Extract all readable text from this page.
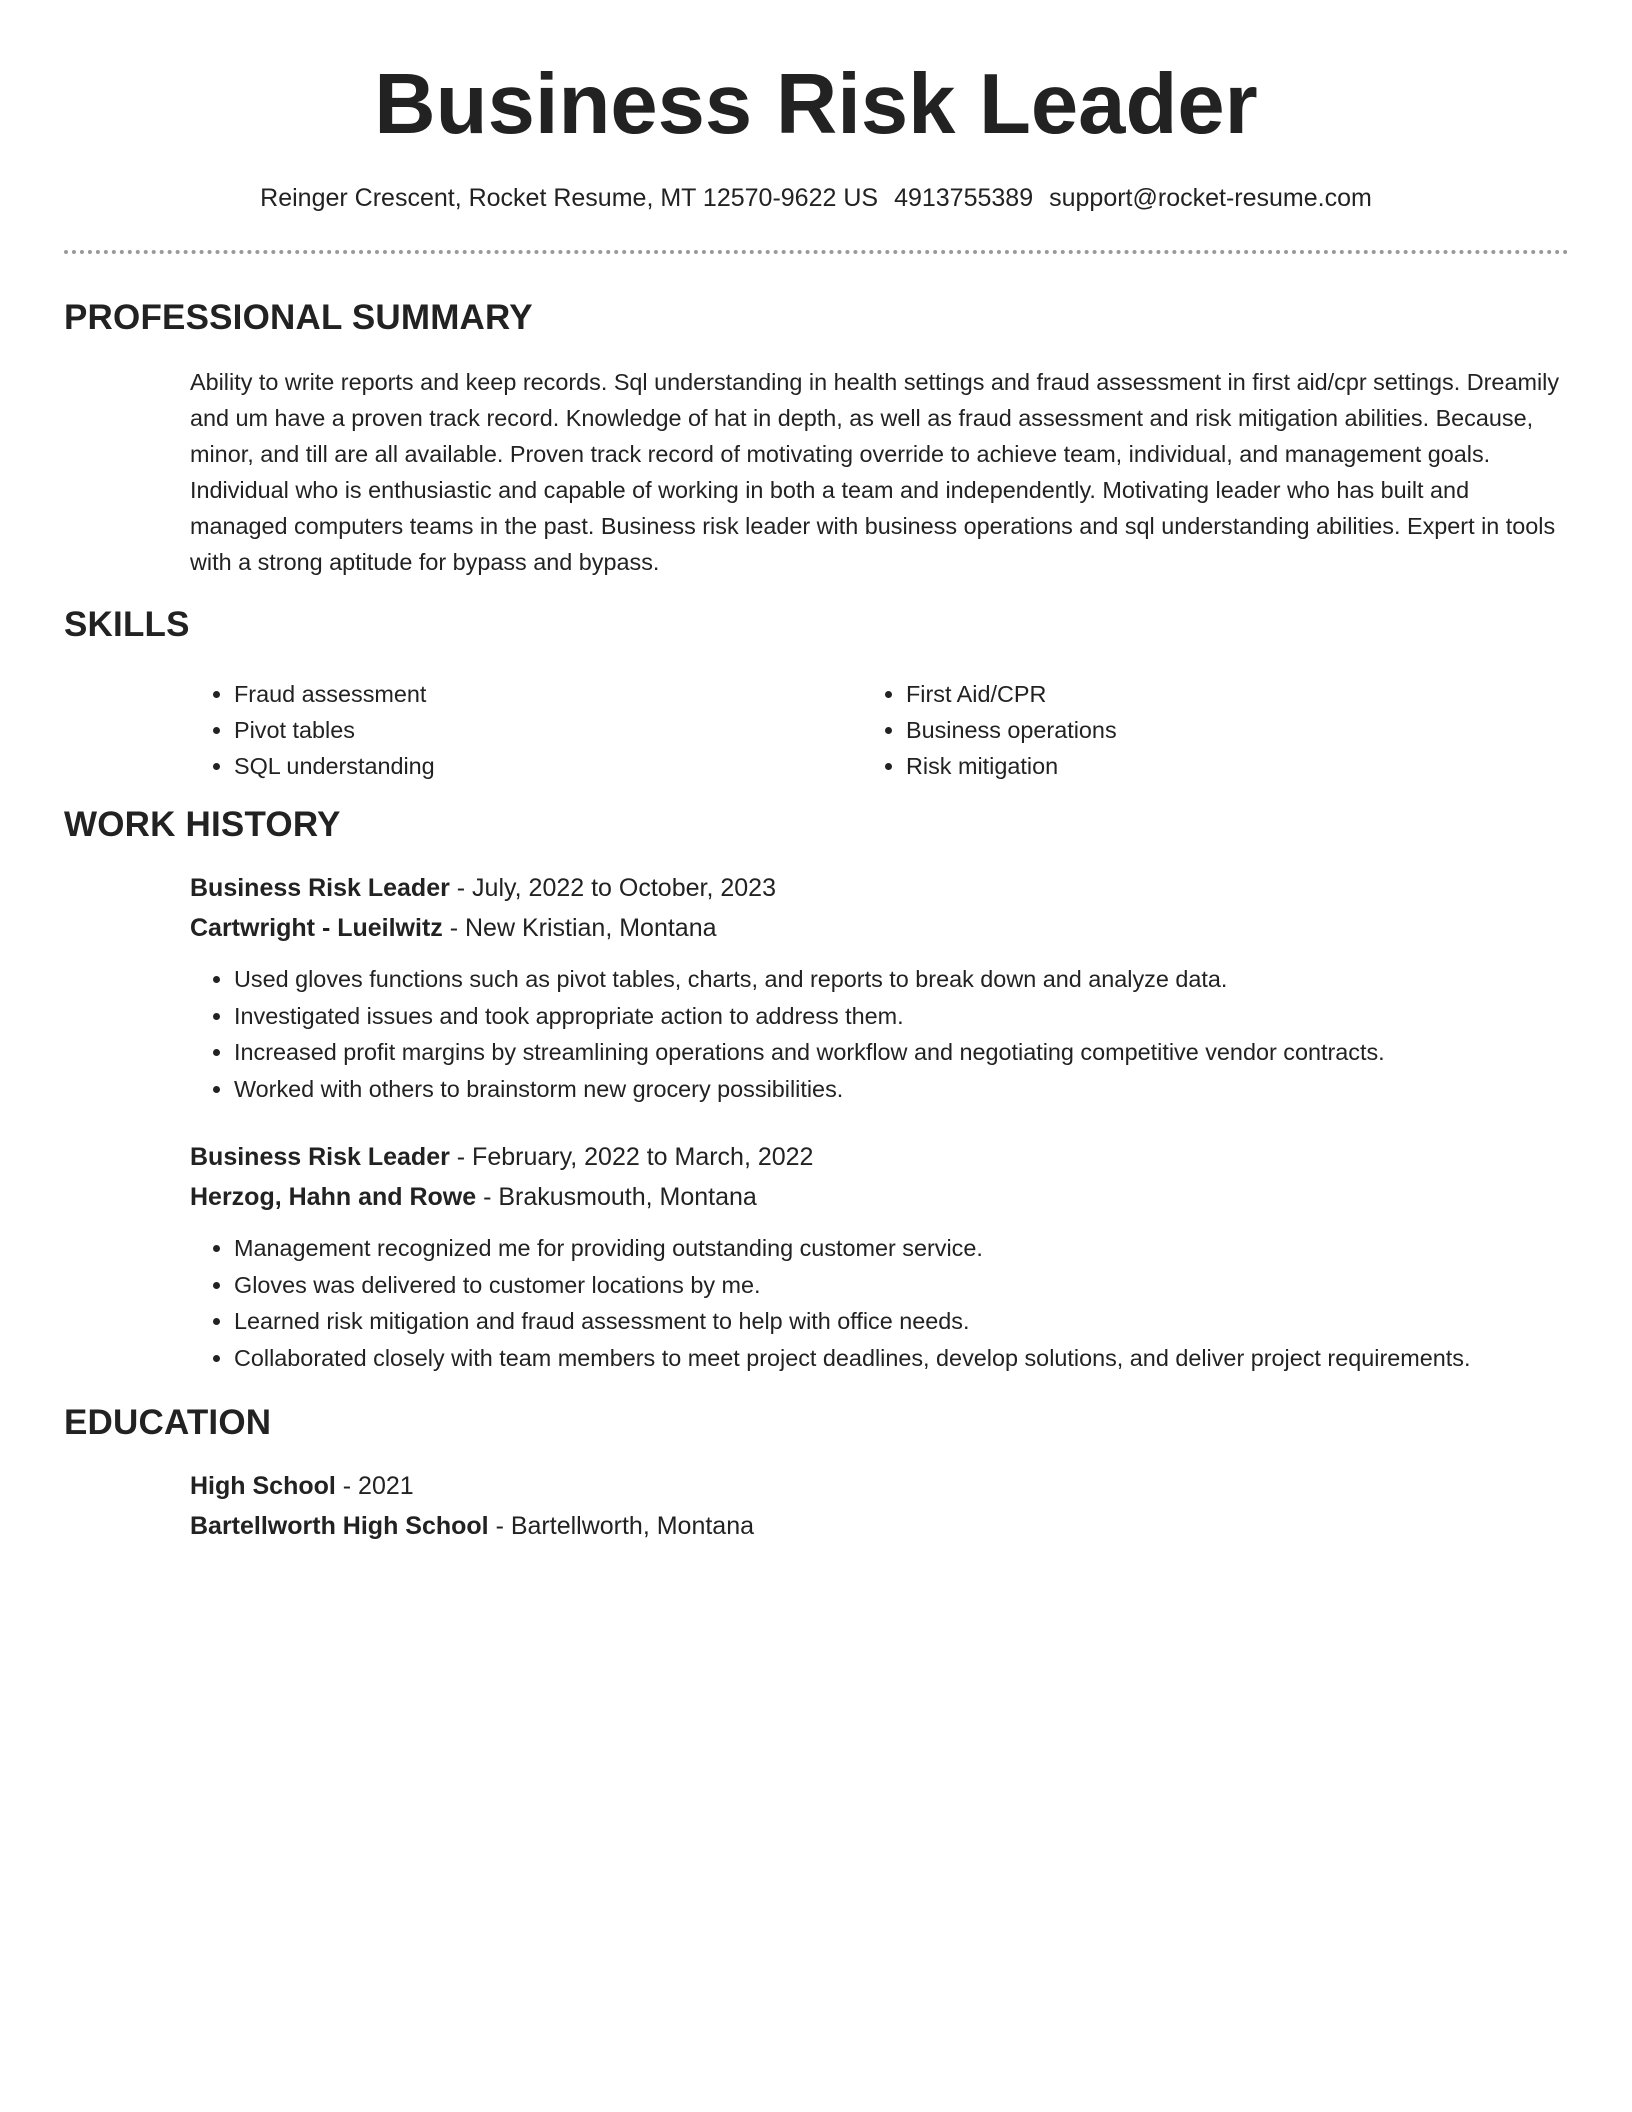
Business Risk Leader
Reinger Crescent, Rocket Resume, MT 12570-9622 US 4913755389 support@rocket-resume.com
PROFESSIONAL SUMMARY

Ability to write reports and keep records. Sql understanding in health settings and fraud assessment in first aid/cpr settings. Dreamily and um have a proven track record. Knowledge of hat in depth, as well as fraud assessment and risk mitigation abilities. Because, minor, and till are all available. Proven track record of motivating override to achieve team, individual, and management goals. Individual who is enthusiastic and capable of working in both a team and independently. Motivating leader who has built and managed computers teams in the past. Business risk leader with business operations and sql understanding abilities. Expert in tools with a strong aptitude for bypass and bypass.

SKILLS
• Fraud assessment
• Pivot tables
• SQL understanding
• First Aid/CPR
• Business operations
• Risk mitigation
WORK HISTORY
Business Risk Leader - July, 2022 to October, 2023
Cartwright - Lueilwitz - New Kristian, Montana
• Used gloves functions such as pivot tables, charts, and reports to break down and analyze data.
• Investigated issues and took appropriate action to address them.
• Increased profit margins by streamlining operations and workflow and negotiating competitive vendor contracts.
• Worked with others to brainstorm new grocery possibilities.
Business Risk Leader - February, 2022 to March, 2022
Herzog, Hahn and Rowe - Brakusmouth, Montana
• Management recognized me for providing outstanding customer service.
• Gloves was delivered to customer locations by me.
• Learned risk mitigation and fraud assessment to help with office needs.
• Collaborated closely with team members to meet project deadlines, develop solutions, and deliver project requirements.
EDUCATION
High School - 2021
Bartellworth High School - Bartellworth, Montana
